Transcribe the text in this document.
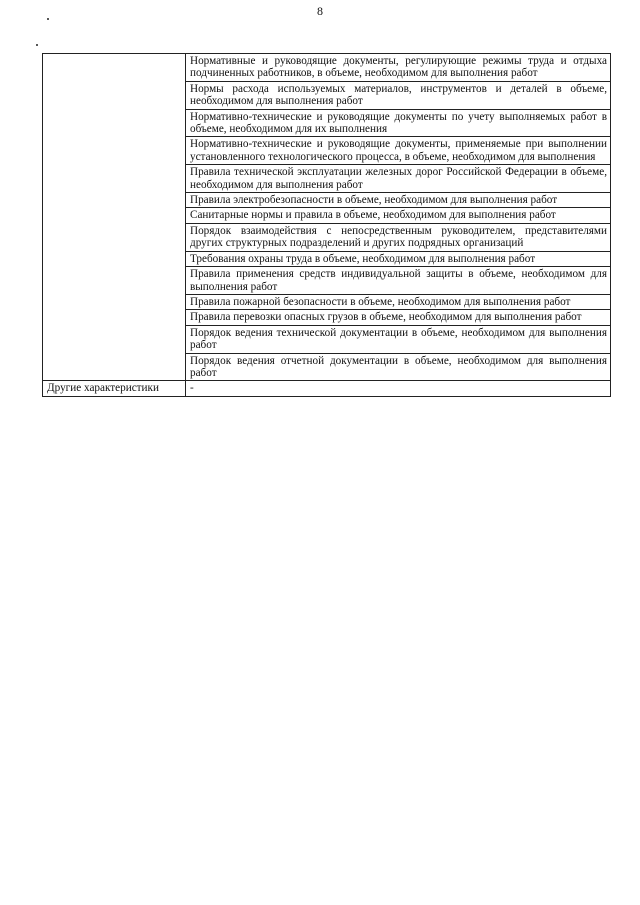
8
	Нормативные и руководящие документы, регулирующие режимы труда и отдыха подчиненных работников, в объеме, необходимом для выполнения работ
	Нормы расхода используемых материалов, инструментов и деталей в объеме, необходимом для выполнения работ
	Нормативно-технические и руководящие документы по учету выполняемых работ в объеме, необходимом для их выполнения
	Нормативно-технические и руководящие документы, применяемые при выполнении установленного технологического процесса, в объеме, необходимом для выполнения
	Правила технической эксплуатации железных дорог Российской Федерации в объеме, необходимом для выполнения работ
	Правила электробезопасности в объеме, необходимом для выполнения работ
	Санитарные нормы и правила в объеме, необходимом для выполнения работ
	Порядок взаимодействия с непосредственным руководителем, представителями других структурных подразделений и других подрядных организаций
	Требования охраны труда в объеме, необходимом для выполнения работ
	Правила применения средств индивидуальной защиты в объеме, необходимом для выполнения работ
	Правила пожарной безопасности в объеме, необходимом для выполнения работ
	Правила перевозки опасных грузов в объеме, необходимом для выполнения работ
	Порядок ведения технической документации в объеме, необходимом для выполнения работ
	Порядок ведения отчетной документации в объеме, необходимом для выполнения работ
Другие характеристики	-
